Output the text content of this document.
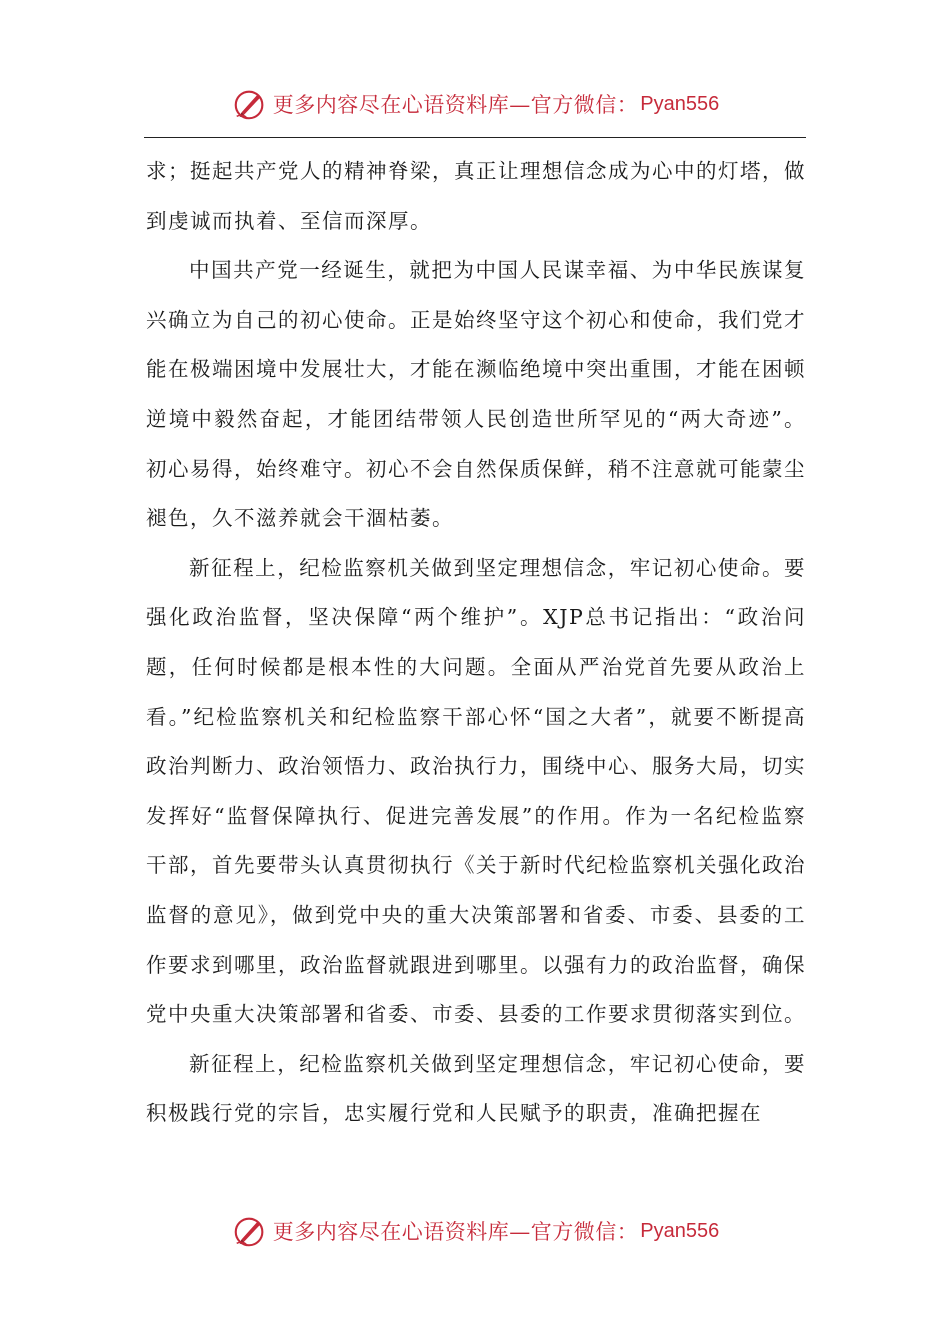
更多内容尽在心语资料库—官方微信： Pyan556

求；挺起共产党人的精神脊梁，真正让理想信念成为心中的灯塔，做到虔诚而执着、至信而深厚。

中国共产党一经诞生，就把为中国人民谋幸福、为中华民族谋复兴确立为自己的初心使命。正是始终坚守这个初心和使命，我们党才能在极端困境中发展壮大，才能在濒临绝境中突出重围，才能在困顿逆境中毅然奋起，才能团结带领人民创造世所罕见的“两大奇迹”。初心易得，始终难守。初心不会自然保质保鲜，稍不注意就可能蒙尘褪色，久不滋养就会干涸枯萎。

新征程上，纪检监察机关做到坚定理想信念，牢记初心使命。要强化政治监督，坚决保障“两个维护”。XJP总书记指出：“政治问题，任何时候都是根本性的大问题。全面从严治党首先要从政治上看。”纪检监察机关和纪检监察干部心怀“国之大者”，就要不断提高政治判断力、政治领悟力、政治执行力，围绕中心、服务大局，切实发挥好“监督保障执行、促进完善发展”的作用。作为一名纪检监察干部，首先要带头认真贯彻执行《关于新时代纪检监察机关强化政治监督的意见》，做到党中央的重大决策部署和省委、市委、县委的工作要求到哪里，政治监督就跟进到哪里。以强有力的政治监督，确保党中央重大决策部署和省委、市委、县委的工作要求贯彻落实到位。

新征程上，纪检监察机关做到坚定理想信念，牢记初心使命，要积极践行党的宗旨，忠实履行党和人民赋予的职责，准确把握在

更多内容尽在心语资料库—官方微信： Pyan556
